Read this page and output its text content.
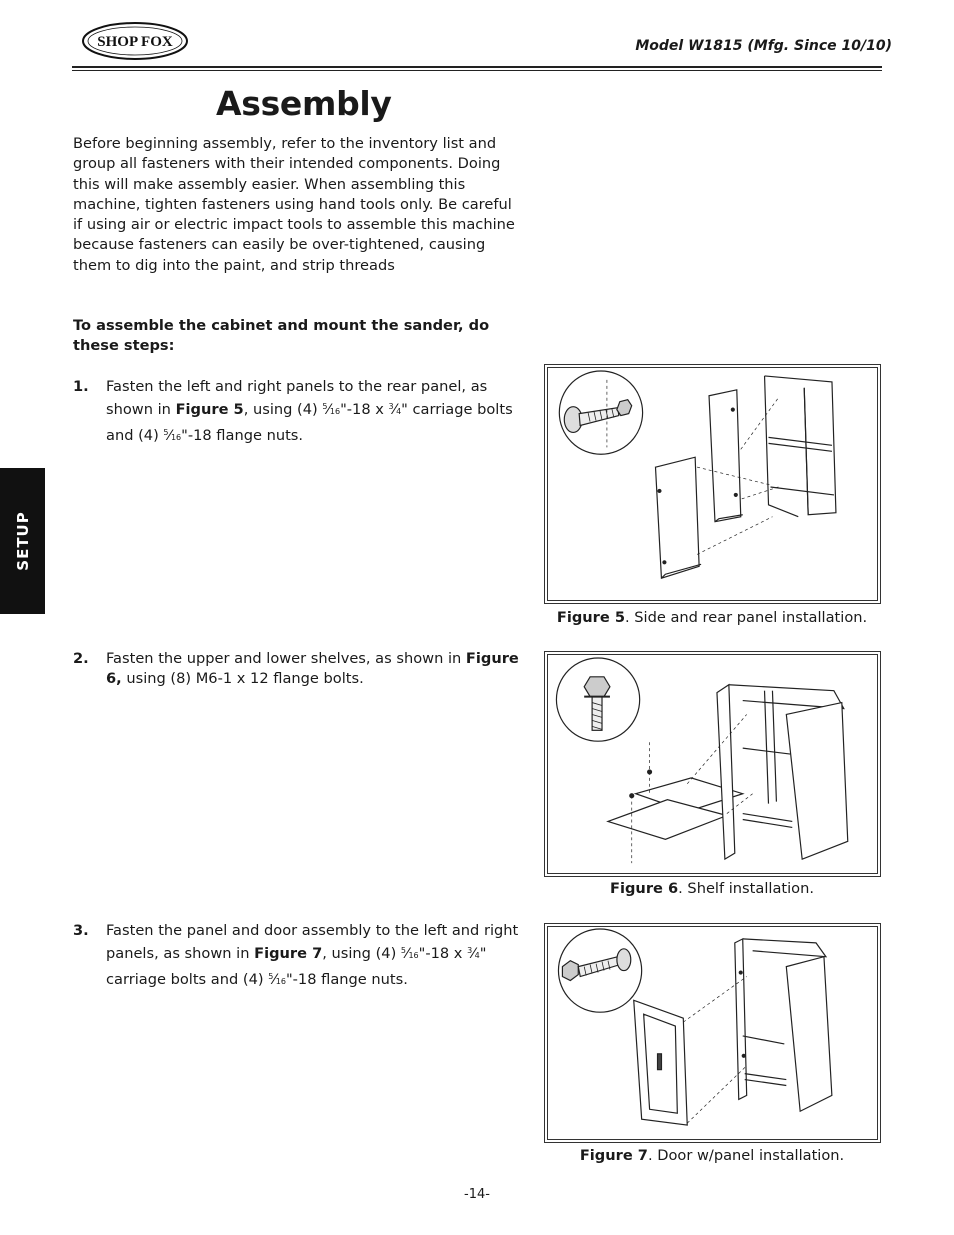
SHOP FOX	Model W1815 (Mfg. Since 10/10)
Assembly
Before beginning assembly, refer to the inventory list and group all fasteners with their intended components. Doing this will make assembly easier. When assembling this machine, tighten fasteners using hand tools only. Be careful if using air or electric impact tools to assemble this machine because fasteners can easily be over-tightened, causing them to dig into the paint, and strip threads
To assemble the cabinet and mount the sander, do these steps:
1. Fasten the left and right panels to the rear panel, as shown in Figure 5, using (4) $^5$⁄16"-18 x $^3$⁄4" carriage bolts and (4) $^5$⁄16"-18 flange nuts.
2. Fasten the upper and lower shelves, as shown in Figure 6, using (8) M6-1 x 12 flange bolts.
3. Fasten the panel and door assembly to the left and right panels, as shown in Figure 7, using (4) $^5$⁄16"-18 x $^3$⁄4" carriage bolts and (4) $^5$⁄16"-18 flange nuts.
SETUP
Figure 5. Side and rear panel installation.
Figure 6. Shelf installation.
Figure 7. Door w/panel installation.
-14-
